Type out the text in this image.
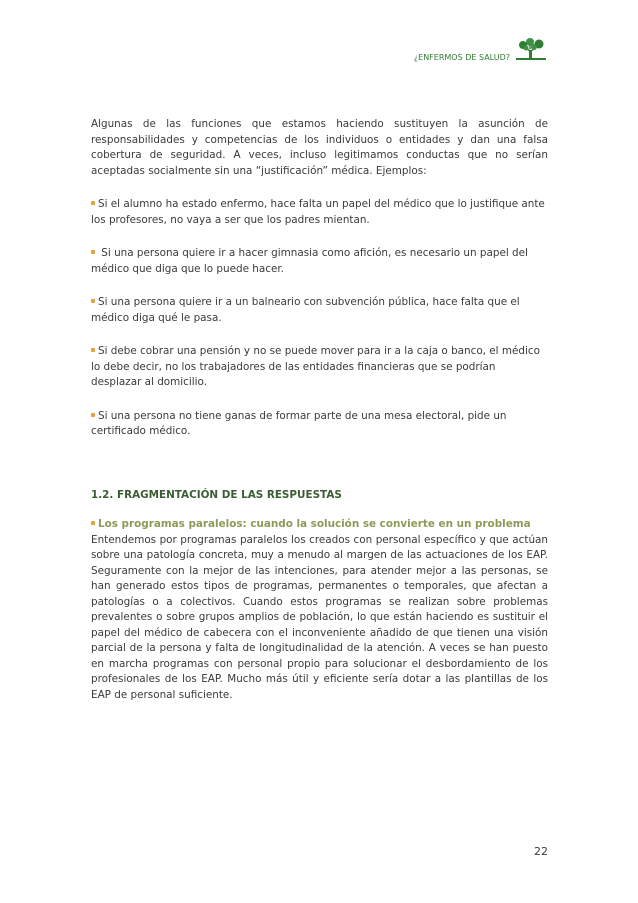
¿ENFERMOS DE SALUD?

Algunas de las funciones que estamos haciendo sustituyen la asunción de responsabilidades y competencias de los individuos o entidades y dan una falsa cobertura de seguridad. A veces, incluso legitimamos conductas que no serían aceptadas socialmente sin una “justificación” médica. Ejemplos:

Si el alumno ha estado enfermo, hace falta un papel del médico que lo justifique ante los profesores, no vaya a ser que los padres mientan.

Si una persona quiere ir a hacer gimnasia como afición, es necesario un papel del médico que diga que lo puede hacer.

Si una persona quiere ir a un balneario con subvención pública, hace falta que el médico diga qué le pasa.

Si debe cobrar una pensión y no se puede mover para ir a la caja o banco, el médico lo debe decir, no los trabajadores de las entidades financieras que se podrían desplazar al domicilio.

Si una persona no tiene ganas de formar parte de una mesa electoral, pide un certificado médico.

1.2. FRAGMENTACIÓN DE LAS RESPUESTAS

Los programas paralelos: cuando la solución se convierte en un problema

Entendemos por programas paralelos los creados con personal específico y que actúan sobre una patología concreta, muy a menudo al margen de las actuaciones de los EAP. Seguramente con la mejor de las intenciones, para atender mejor a las personas, se han generado estos tipos de programas, permanentes o temporales, que afectan a patologías o a colectivos. Cuando estos programas se realizan sobre problemas prevalentes o sobre grupos amplios de población, lo que están haciendo es sustituir el papel del médico de cabecera con el inconveniente añadido de que tienen una visión parcial de la persona y falta de longitudinalidad de la atención. A veces se han puesto en marcha programas con personal propio para solucionar el desbordamiento de los profesionales de los EAP. Mucho más útil y eficiente sería dotar a las plantillas de los EAP de personal suficiente.

22
